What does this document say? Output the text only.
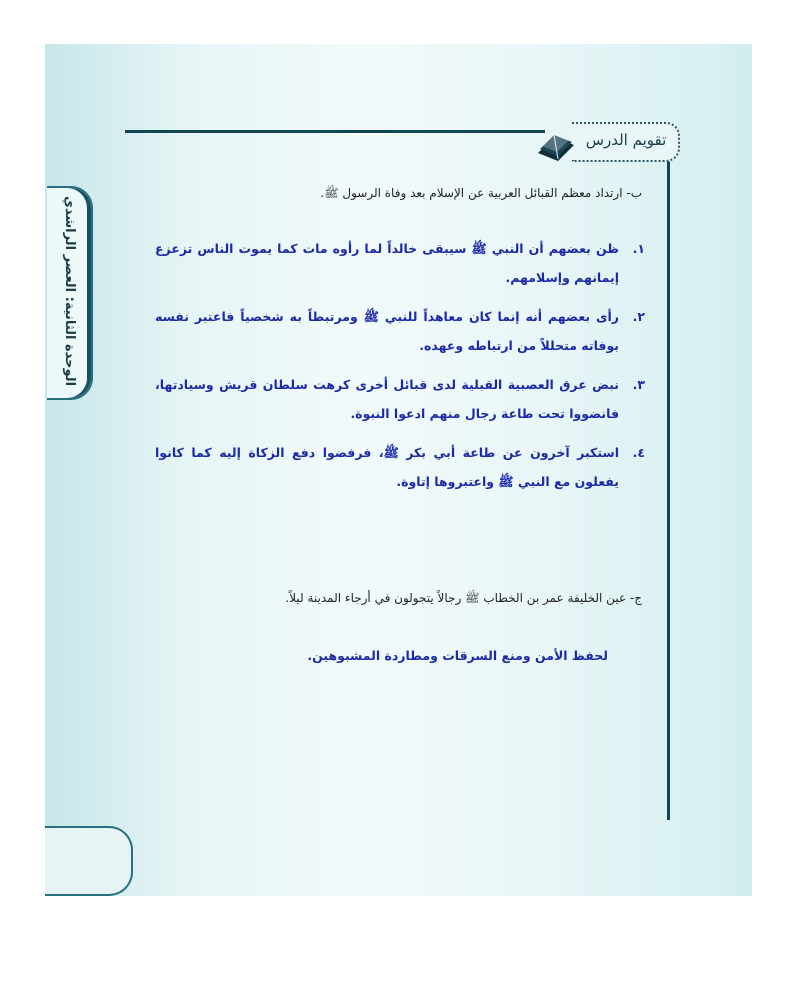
تقويم الدرس
الوحدة الثانية: العصر الراشدي
ب- ارتداد معظم القبائل العربية عن الإسلام بعد وفاة الرسول ﷺ.
١.
ظن بعضهم أن النبي ﷺ سيبقى خالداً لما رأوه مات كما يموت الناس تزعزع إيمانهم وإسلامهم.
٢.
رأى بعضهم أنه إنما كان معاهداً للنبي ﷺ ومرتبطاً به شخصياً فاعتبر نفسه بوفاته متحللاً من ارتباطه وعهده.
٣.
نبض عرق العصبية القبلية لدى قبائل أخرى كرهت سلطان قريش وسيادتها، فانضووا تحت طاعة رجال منهم ادعوا النبوة.
٤.
استكبر آخرون عن طاعة أبي بكر ﷺ، فرفضوا دفع الزكاة إليه كما كانوا يفعلون مع النبي ﷺ واعتبروها إتاوة.
ج- عين الخليفة عمر بن الخطاب ﷺ رجالاً يتجولون في أرجاء المدينة ليلاً.
لحفظ الأمن ومنع السرقات ومطاردة المشبوهين.
